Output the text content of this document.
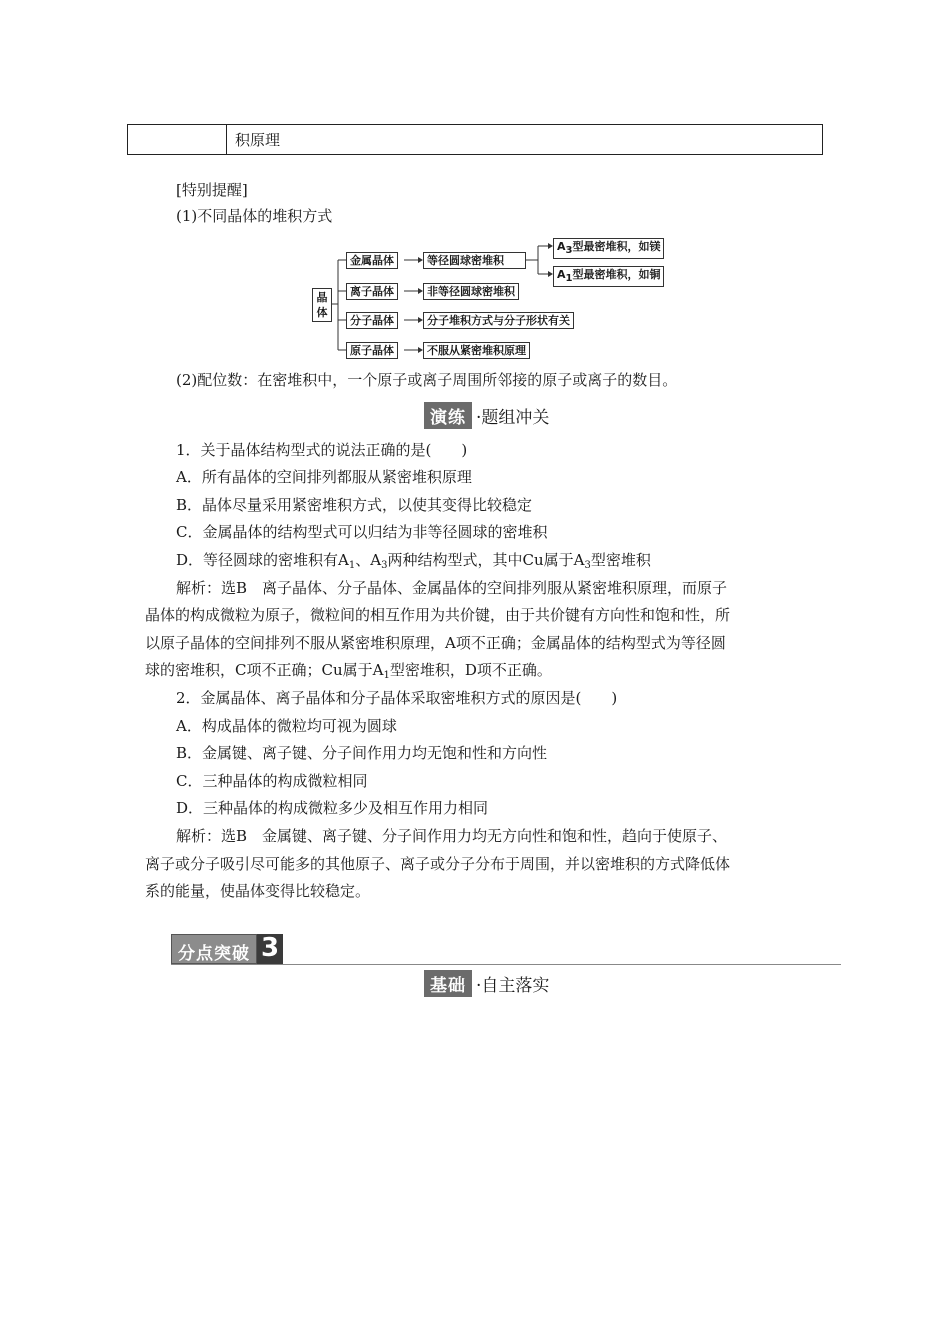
积原理
[特别提醒]
(1)不同晶体的堆积方式
晶体
金属晶体	等径圆球密堆积
A3型最密堆积，如镁
A1型最密堆积，如铜
离子晶体	非等径圆球密堆积
分子晶体	分子堆积方式与分子形状有关
原子晶体	不服从紧密堆积原理
(2)配位数：在密堆积中，一个原子或离子周围所邻接的原子或离子的数目。
演练 ·题组冲关
1．关于晶体结构型式的说法正确的是(　　)
A．所有晶体的空间排列都服从紧密堆积原理
B．晶体尽量采用紧密堆积方式，以使其变得比较稳定
C．金属晶体的结构型式可以归结为非等径圆球的密堆积
D．等径圆球的密堆积有$A_1$、$A_3$两种结构型式，其中Cu属于$A_3$型密堆积
解析：选B　离子晶体、分子晶体、金属晶体的空间排列服从紧密堆积原理，而原子
晶体的构成微粒为原子，微粒间的相互作用为共价键，由于共价键有方向性和饱和性，所
以原子晶体的空间排列不服从紧密堆积原理，A项不正确；金属晶体的结构型式为等径圆
球的密堆积，C项不正确；Cu属于$A_1$型密堆积，D项不正确。
2．金属晶体、离子晶体和分子晶体采取密堆积方式的原因是(　　)
A．构成晶体的微粒均可视为圆球
B．金属键、离子键、分子间作用力均无饱和性和方向性
C．三种晶体的构成微粒相同
D．三种晶体的构成微粒多少及相互作用力相同
解析：选B　金属键、离子键、分子间作用力均无方向性和饱和性，趋向于使原子、
离子或分子吸引尽可能多的其他原子、离子或分子分布于周围，并以密堆积的方式降低体
系的能量，使晶体变得比较稳定。
分点突破 3
基础 ·自主落实
